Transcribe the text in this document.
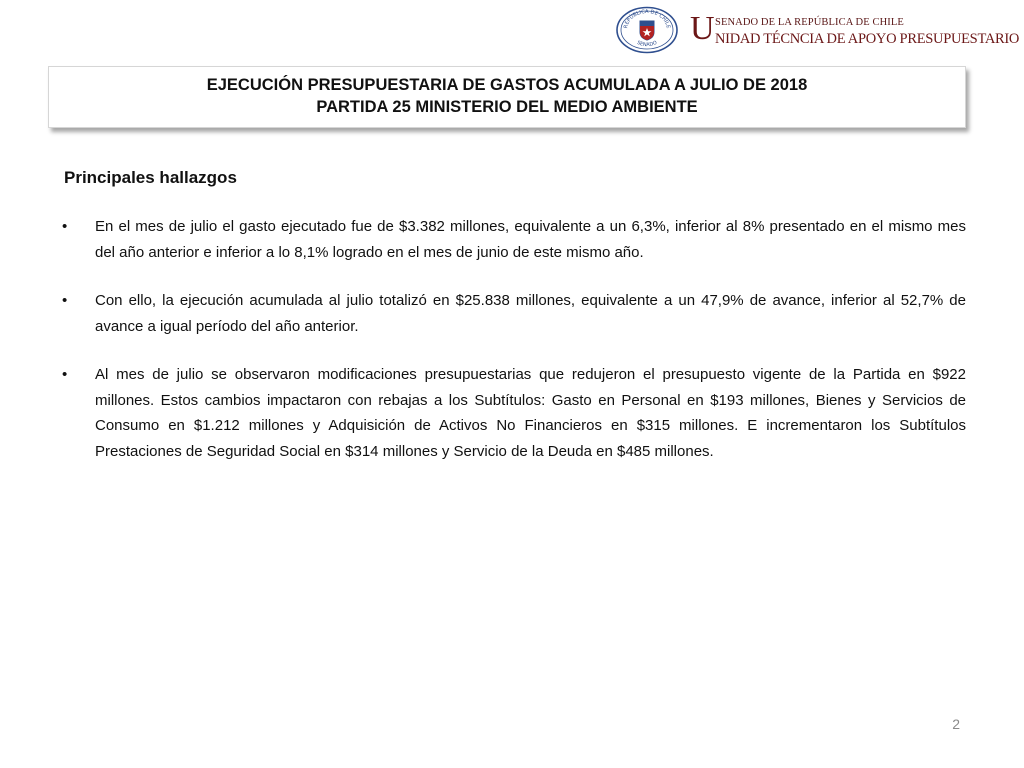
REPÚBLICA DE CHILE
SENADO U SENADO DE LA REPÚBLICA DE CHILE
NIDAD TÉCNCIA DE APOYO PRESUPUESTARIO
EJECUCIÓN PRESUPUESTARIA DE GASTOS ACUMULADA A JULIO DE 2018
PARTIDA 25 MINISTERIO DEL MEDIO AMBIENTE
Principales hallazgos
•	En el mes de julio el gasto ejecutado fue de $3.382 millones, equivalente a un 6,3%, inferior al 8% presentado en el mismo mes del año anterior e inferior a lo 8,1% logrado en el mes de junio de este mismo año.
•	Con ello, la ejecución acumulada al julio totalizó en $25.838 millones, equivalente a un 47,9% de avance, inferior al 52,7% de avance a igual período del año anterior.
•	Al mes de julio se observaron modificaciones presupuestarias que redujeron el presupuesto vigente de la Partida en $922 millones. Estos cambios impactaron con rebajas a los Subtítulos: Gasto en Personal en $193 millones, Bienes y Servicios de Consumo en $1.212 millones y Adquisición de Activos No Financieros en $315 millones. E incrementaron los Subtítulos Prestaciones de Seguridad Social en $314 millones y Servicio de la Deuda en $485 millones.
2
